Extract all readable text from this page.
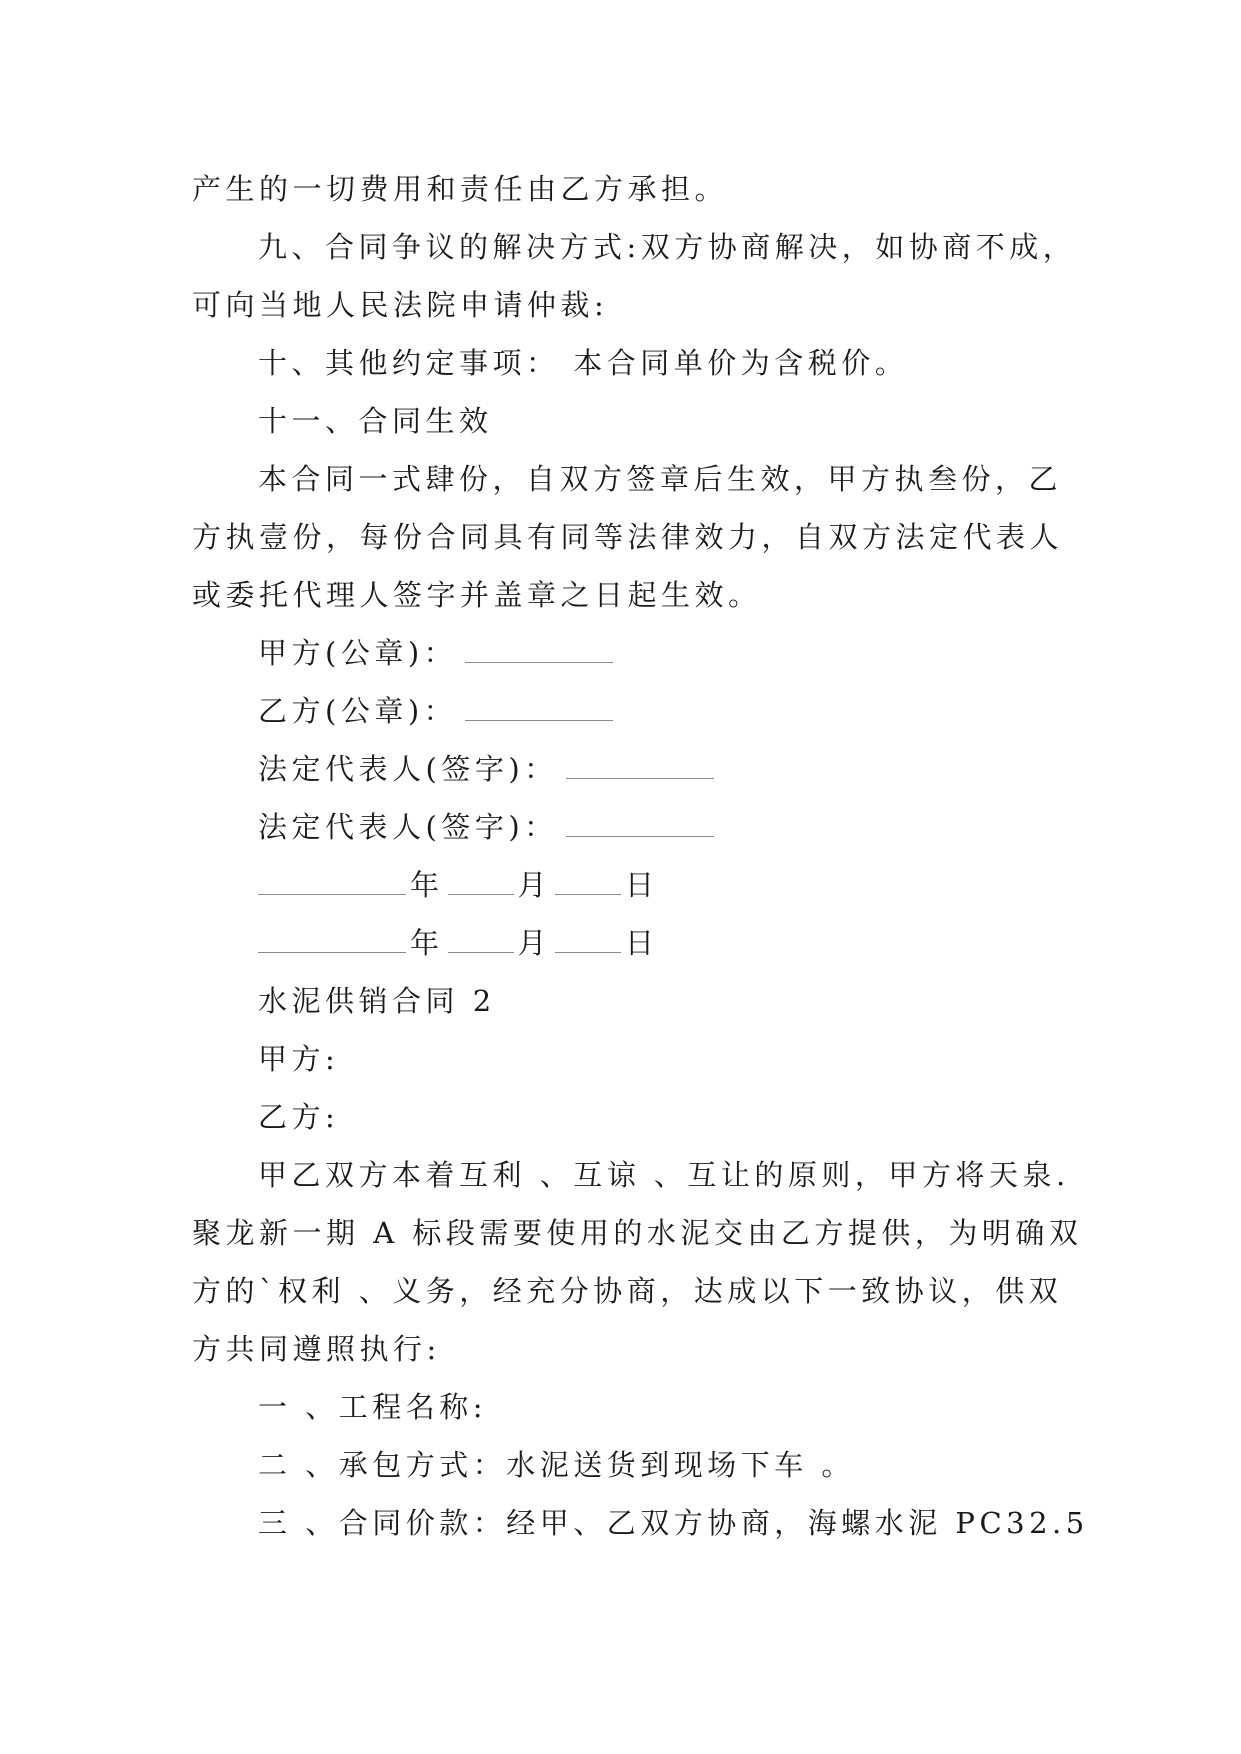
产生的一切费用和责任由乙方承担。

九、合同争议的解决方式:双方协商解决，如协商不成，

可向当地人民法院申请仲裁:

十、其他约定事项： 本合同单价为含税价。

十一、合同生效

本合同一式肆份，自双方签章后生效，甲方执叁份，乙

方执壹份，每份合同具有同等法律效力，自双方法定代表人

或委托代理人签字并盖章之日起生效。

甲方(公章)：

乙方(公章)：

法定代表人(签字)：

法定代表人(签字)：

年	月	日

年	月	日

水泥供销合同 2

甲方:

乙方:

甲乙双方本着互利 、互谅 、互让的原则，甲方将天泉.

聚龙新一期 A 标段需要使用的水泥交由乙方提供，为明确双

方的`权利 、义务，经充分协商，达成以下一致协议，供双

方共同遵照执行:

一 、工程名称:

二 、承包方式：水泥送货到现场下车 。

三 、合同价款：经甲、乙双方协商，海螺水泥 PC32.5
